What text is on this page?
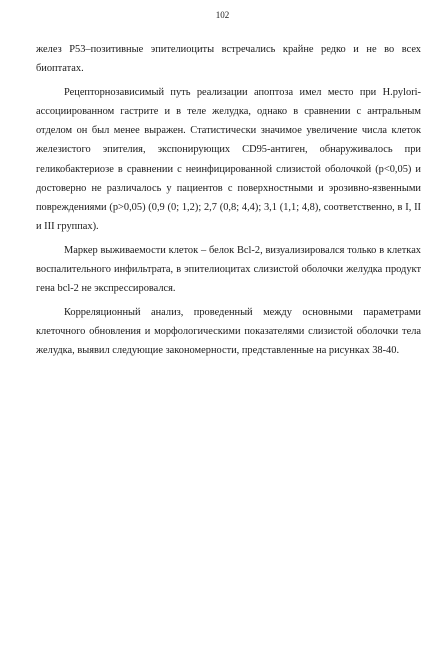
102

желез P53–позитивные эпителиоциты встречались крайне редко и не во всех биоптатах.

Рецепторнозависимый путь реализации апоптоза имел место при H.pylori-ассоциированном гастрите и в теле желудка, однако в сравнении с антральным отделом он был менее выражен. Статистически значимое увеличение числа клеток железистого эпителия, экспонирующих CD95-антиген, обнаруживалось при геликобактериозе в сравнении с неинфицированной слизистой оболочкой (p<0,05) и достоверно не различалось у пациентов с поверхностными и эрозивно-язвенными повреждениями (p>0,05) (0,9 (0; 1,2); 2,7 (0,8; 4,4); 3,1 (1,1; 4,8), соответственно, в I, II и III группах).

Маркер выживаемости клеток – белок Bcl-2, визуализировался только в клетках воспалительного инфильтрата, в эпителиоцитах слизистой оболочки желудка продукт гена bcl-2 не экспрессировался.

Корреляционный анализ, проведенный между основными параметрами клеточного обновления и морфологическими показателями слизистой оболочки тела желудка, выявил следующие закономерности, представленные на рисунках 38-40.
